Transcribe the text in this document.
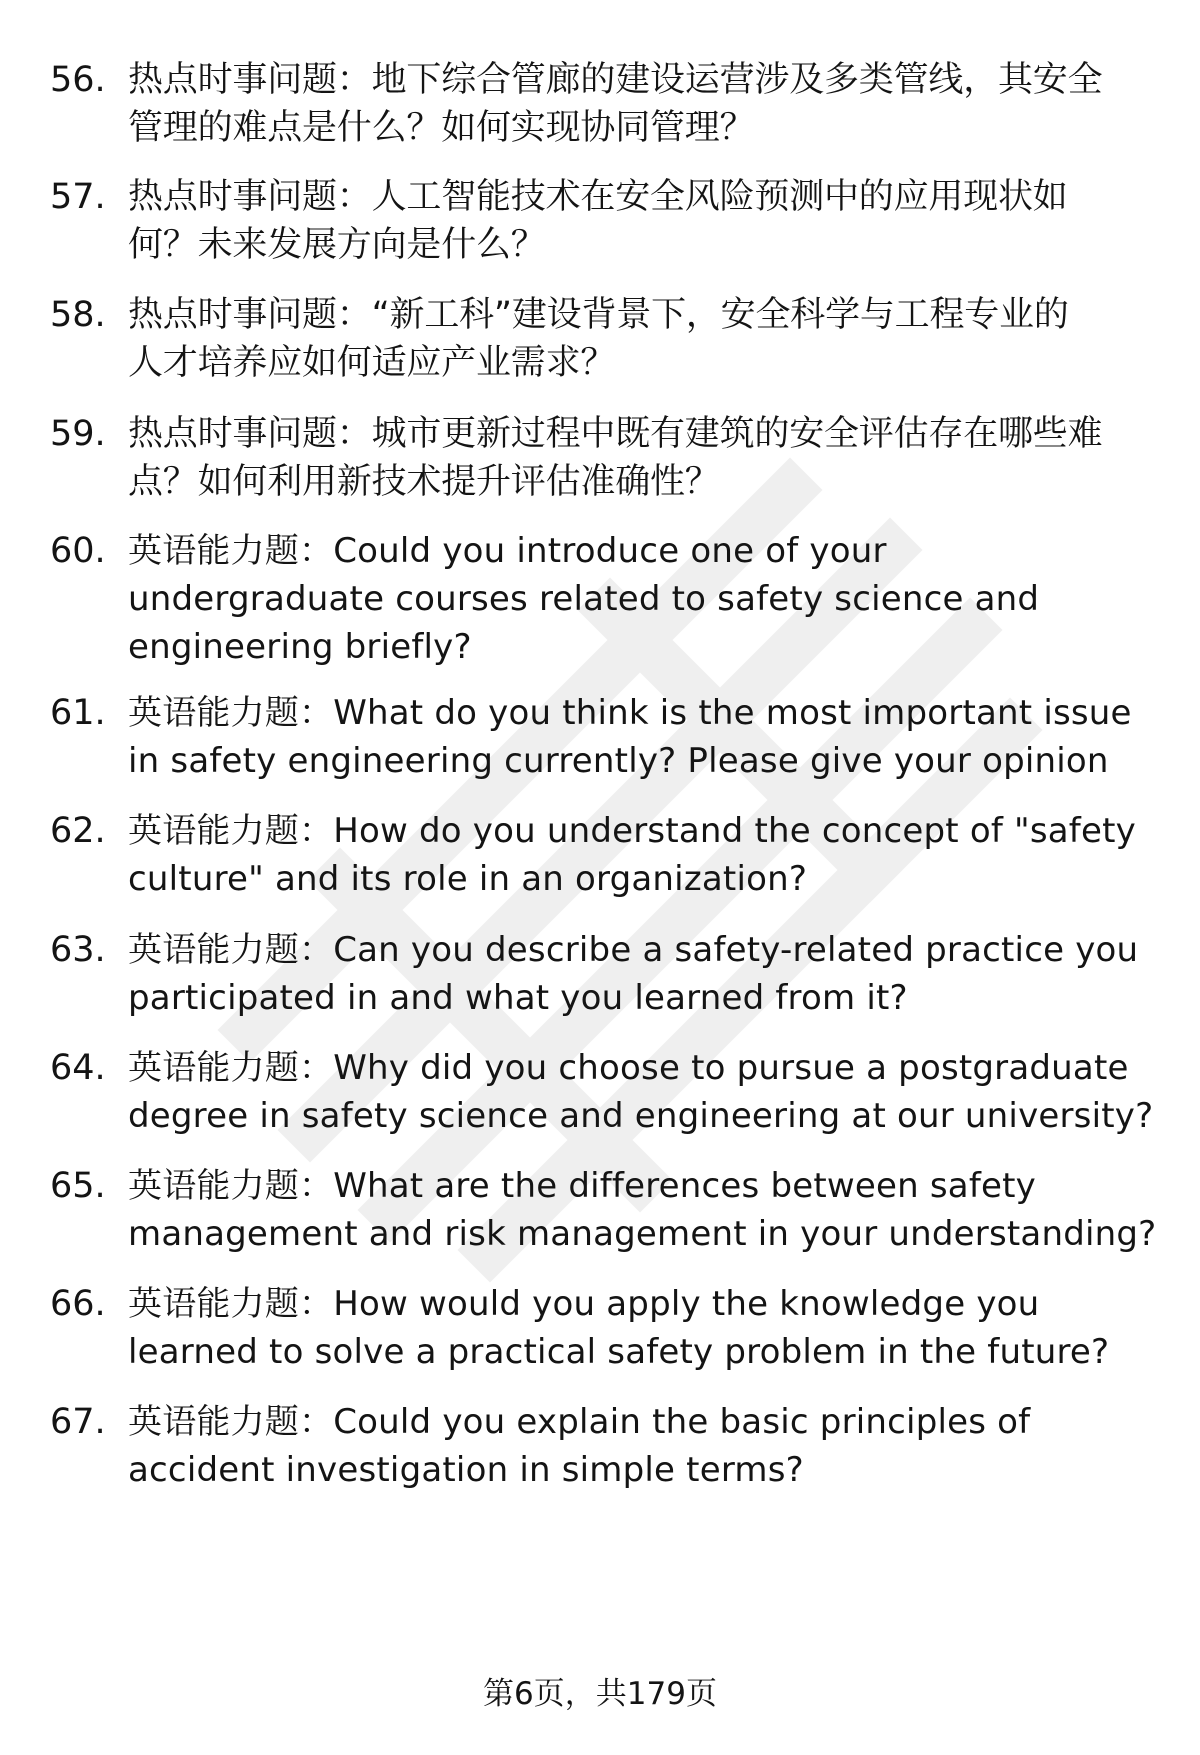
56. 热点时事问题：地下综合管廊的建设运营涉及多类管线，其安全
管理的难点是什么？如何实现协同管理？
57. 热点时事问题：人工智能技术在安全风险预测中的应用现状如
何？未来发展方向是什么？
58. 热点时事问题：“新工科”建设背景下，安全科学与工程专业的
人才培养应如何适应产业需求？
59. 热点时事问题：城市更新过程中既有建筑的安全评估存在哪些难
点？如何利用新技术提升评估准确性？
60. 英语能力题：Could you introduce one of your
undergraduate courses related to safety science and
engineering briefly?
61. 英语能力题：What do you think is the most important issue
in safety engineering currently? Please give your opinion
62. 英语能力题：How do you understand the concept of "safety
culture" and its role in an organization?
63. 英语能力题：Can you describe a safety-related practice you
participated in and what you learned from it?
64. 英语能力题：Why did you choose to pursue a postgraduate
degree in safety science and engineering at our university?
65. 英语能力题：What are the differences between safety
management and risk management in your understanding?
66. 英语能力题：How would you apply the knowledge you
learned to solve a practical safety problem in the future?
67. 英语能力题：Could you explain the basic principles of
accident investigation in simple terms?
第6页，共179页
